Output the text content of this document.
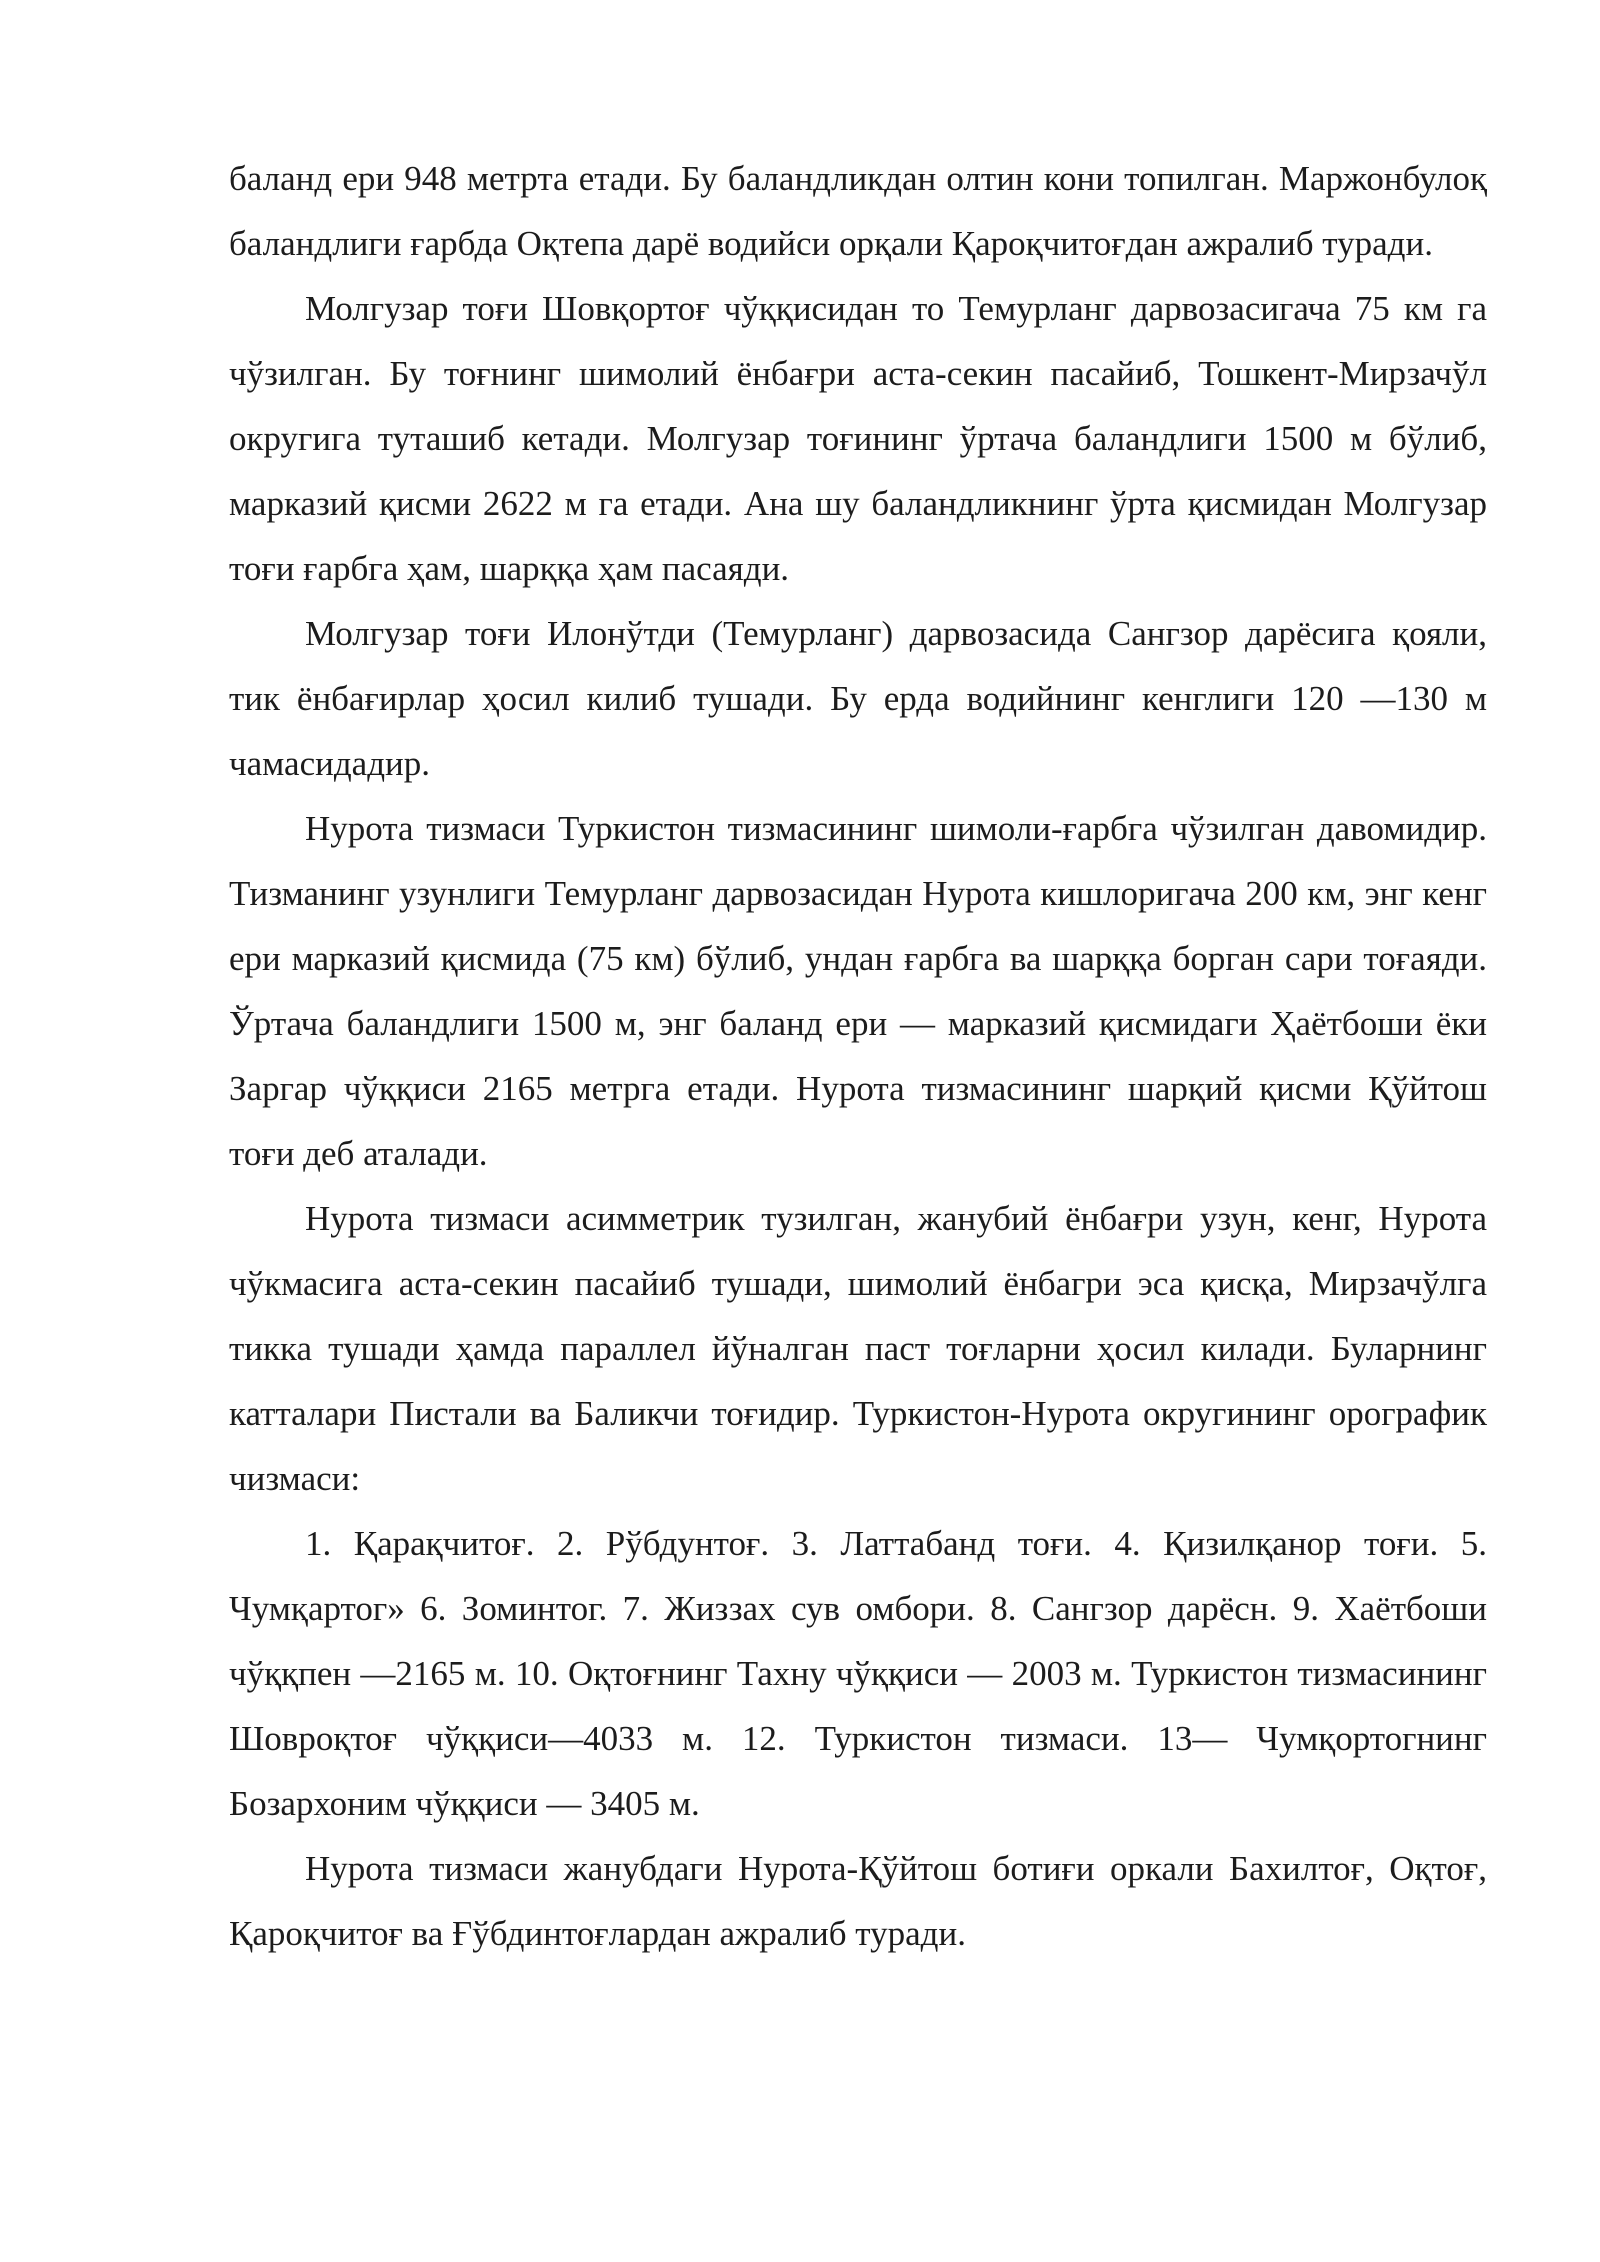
баланд ери 948 метрта етади. Бу баландликдан олтин кони топилган. Маржонбулоқ баландлиги ғарбда Оқтепа дарё водийси орқали Қароқчитоғдан ажралиб туради.

Молгузар тоғи Шовқортоғ чўққисидан то Темурланг дарвозасигача 75 км га чўзилган. Бу тоғнинг шимолий ёнбағри аста-секин пасайиб, Тошкент-Мирзачўл округига туташиб кетади. Молгузар тоғининг ўртача баландлиги 1500 м бўлиб, марказий қисми 2622 м га етади. Ана шу баландликнинг ўрта қисмидан Молгузар тоғи ғарбга ҳам, шарққа ҳам пасаяди.

Молгузар тоғи Илонўтди (Темурланг) дарвозасида Сангзор дарёсига қояли, тик ёнбағирлар ҳосил килиб тушади. Бу ерда водийнинг кенглиги 120 —130 м чамасидадир.

Нурота тизмаси Туркистон тизмасининг шимоли-ғарбга чўзилган давомидир. Тизманинг узунлиги Темурланг дарвозасидан Нурота кишлоригача 200 км, энг кенг ери марказий қисмида (75 км) бўлиб, ундан ғарбга ва шарққа борган сари тоғаяди. Ўртача баландлиги 1500 м, энг баланд ери — марказий қисмидаги Ҳаётбоши ёки Заргар чўққиси 2165 метрга етади. Нурота тизмасининг шарқий қисми Қўйтош тоғи деб аталади.

Нурота тизмаси асимметрик тузилган, жанубий ёнбағри узун, кенг, Нурота чўкмасига аста-секин пасайиб тушади, шимолий ёнбагри эса қисқа, Мирзачўлга тикка тушади ҳамда параллел йўналган паст тоғларни ҳосил килади. Буларнинг катталари Пистали ва Баликчи тоғидир. Туркистон-Нурота округининг орографик чизмаси:

1. Қарақчитоғ. 2. Рўбдунтоғ. 3. Латтабанд тоғи. 4. Қизилқанор тоғи. 5. Чумқартог» 6. Зоминтог. 7. Жиззах сув омбори. 8. Сангзор дарёсн. 9. Хаётбоши чўққпен —2165 м. 10. Оқтоғнинг Тахну чўққиси — 2003 м. Туркистон тизмасининг Шовроқтоғ чўққиси—4033 м. 12. Туркистон тизмаси. 13— Чумқортогнинг Бозархоним чўққиси — 3405 м.

Нурота тизмаси жанубдаги Нурота-Қўйтош ботиғи оркали Бахилтоғ, Оқтоғ, Қароқчитоғ ва Ғўбдинтоғлардан ажралиб туради.
